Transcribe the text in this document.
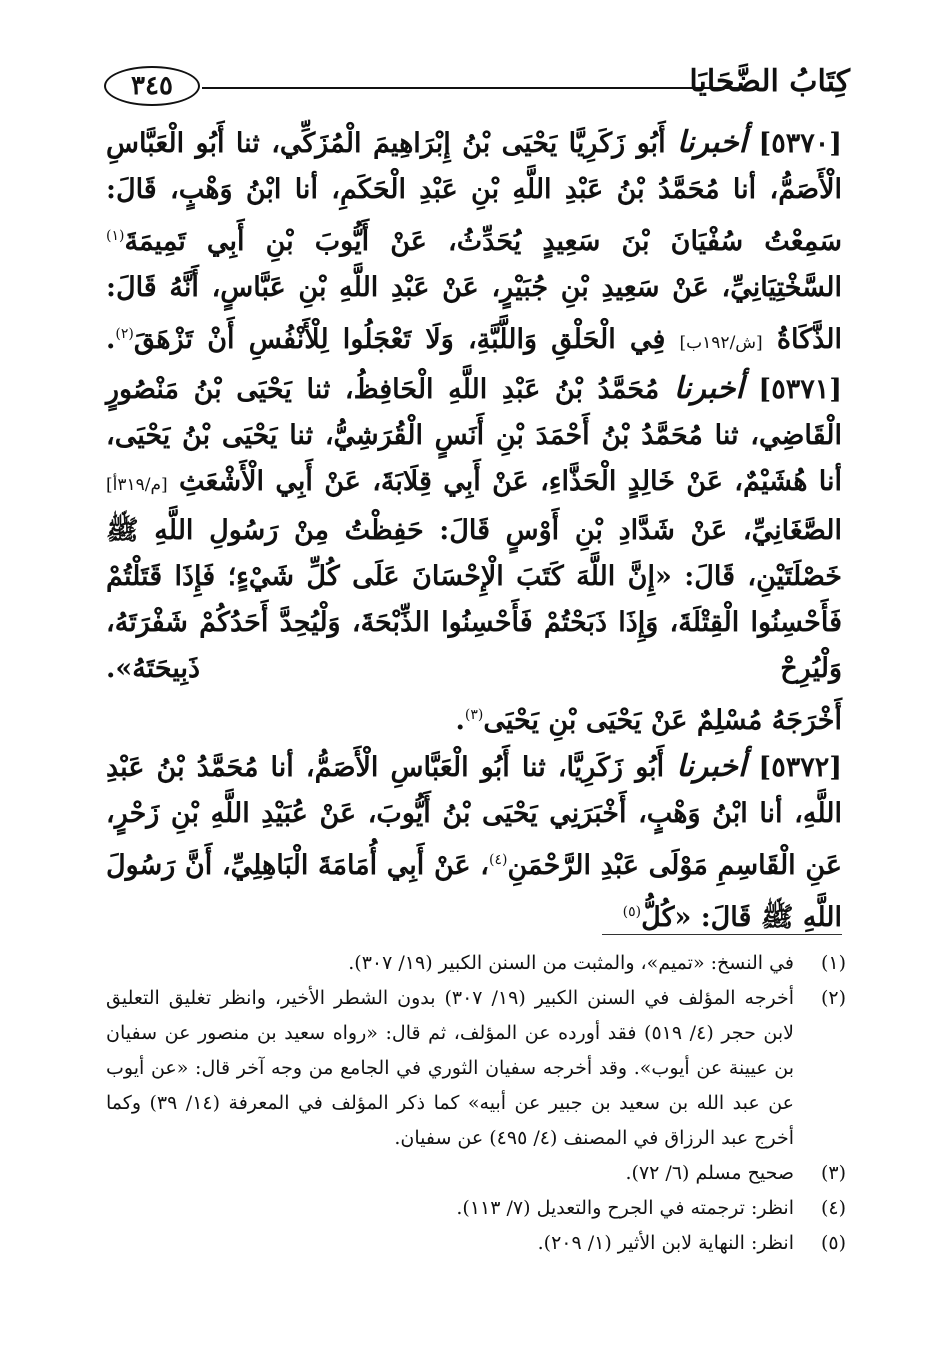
٣٤٥	كِتَابُ الضَّحَايَا

[٥٣٧٠] أخبرنا أَبُو زَكَرِيَّا يَحْيَى بْنُ إِبْرَاهِيمَ الْمُزَكِّي، ثنا أَبُو الْعَبَّاسِ الْأَصَمُّ، أنا مُحَمَّدُ بْنُ عَبْدِ اللَّهِ بْنِ عَبْدِ الْحَكَمِ، أنا ابْنُ وَهْبٍ، قَالَ: سَمِعْتُ سُفْيَانَ بْنَ سَعِيدٍ يُحَدِّثُ، عَنْ أَيُّوبَ بْنِ أَبِي تَمِيمَةَ$^{(١)}$ السَّخْتِيَانِيِّ، عَنْ سَعِيدِ بْنِ جُبَيْرٍ، عَنْ عَبْدِ اللَّهِ بْنِ عَبَّاسٍ، أَنَّهُ قَالَ: الذَّكَاةُ [ش/١٩٢ب] فِي الْحَلْقِ وَاللَّبَّةِ، وَلَا تَعْجَلُوا لِلْأَنْفُسِ أَنْ تَزْهَقَ$^{(٢)}$.

[٥٣٧١] أخبرنا مُحَمَّدُ بْنُ عَبْدِ اللَّهِ الْحَافِظُ، ثنا يَحْيَى بْنُ مَنْصُورٍ الْقَاضِي، ثنا مُحَمَّدُ بْنُ أَحْمَدَ بْنِ أَنَسٍ الْقُرَشِيُّ، ثنا يَحْيَى بْنُ يَحْيَى، أنا هُشَيْمٌ، عَنْ خَالِدٍ الْحَذَّاءِ، عَنْ أَبِي قِلَابَةَ، عَنْ أَبِي الْأَشْعَثِ [م/٣١٩أ] الصَّغَانِيِّ، عَنْ شَدَّادِ بْنِ أَوْسٍ قَالَ: حَفِظْتُ مِنْ رَسُولِ اللَّهِ ﷺ خَصْلَتَيْنِ، قَالَ: «إِنَّ اللَّهَ كَتَبَ الْإِحْسَانَ عَلَى كُلِّ شَيْءٍ؛ فَإِذَا قَتَلْتُمْ فَأَحْسِنُوا الْقِتْلَةَ، وَإِذَا ذَبَحْتُمْ فَأَحْسِنُوا الذِّبْحَةَ، وَلْيُحِدَّ أَحَدُكُمْ شَفْرَتَهُ، وَلْيُرِحْ ذَبِيحَتَهُ».

أَخْرَجَهُ مُسْلِمٌ عَنْ يَحْيَى بْنِ يَحْيَى$^{(٣)}$.

[٥٣٧٢] أخبرنا أَبُو زَكَرِيَّا، ثنا أَبُو الْعَبَّاسِ الْأَصَمُّ، أنا مُحَمَّدُ بْنُ عَبْدِ اللَّهِ، أنا ابْنُ وَهْبٍ، أَخْبَرَنِي يَحْيَى بْنُ أَيُّوبَ، عَنْ عُبَيْدِ اللَّهِ بْنِ زَحْرٍ، عَنِ الْقَاسِمِ مَوْلَى عَبْدِ الرَّحْمَنِ$^{(٤)}$، عَنْ أَبِي أُمَامَةَ الْبَاهِلِيِّ، أَنَّ رَسُولَ اللَّهِ ﷺ قَالَ: «كُلُّ$^{(٥)}$

(١)
في النسخ: «تميم»، والمثبت من السنن الكبير (١٩/ ٣٠٧).
(٢)
أخرجه المؤلف في السنن الكبير (١٩/ ٣٠٧) بدون الشطر الأخير، وانظر تغليق التعليق لابن حجر (٤/ ٥١٩) فقد أورده عن المؤلف، ثم قال: «رواه سعيد بن منصور عن سفيان بن عيينة عن أيوب». وقد أخرجه سفيان الثوري في الجامع من وجه آخر قال: «عن أيوب عن عبد الله بن سعيد بن جبير عن أبيه» كما ذكر المؤلف في المعرفة (١٤/ ٣٩) وكما أخرج عبد الرزاق في المصنف (٤/ ٤٩٥) عن سفيان.
(٣)
صحيح مسلم (٦/ ٧٢).
(٤)
انظر: ترجمته في الجرح والتعديل (٧/ ١١٣).
(٥)
انظر: النهاية لابن الأثير (١/ ٢٠٩).
